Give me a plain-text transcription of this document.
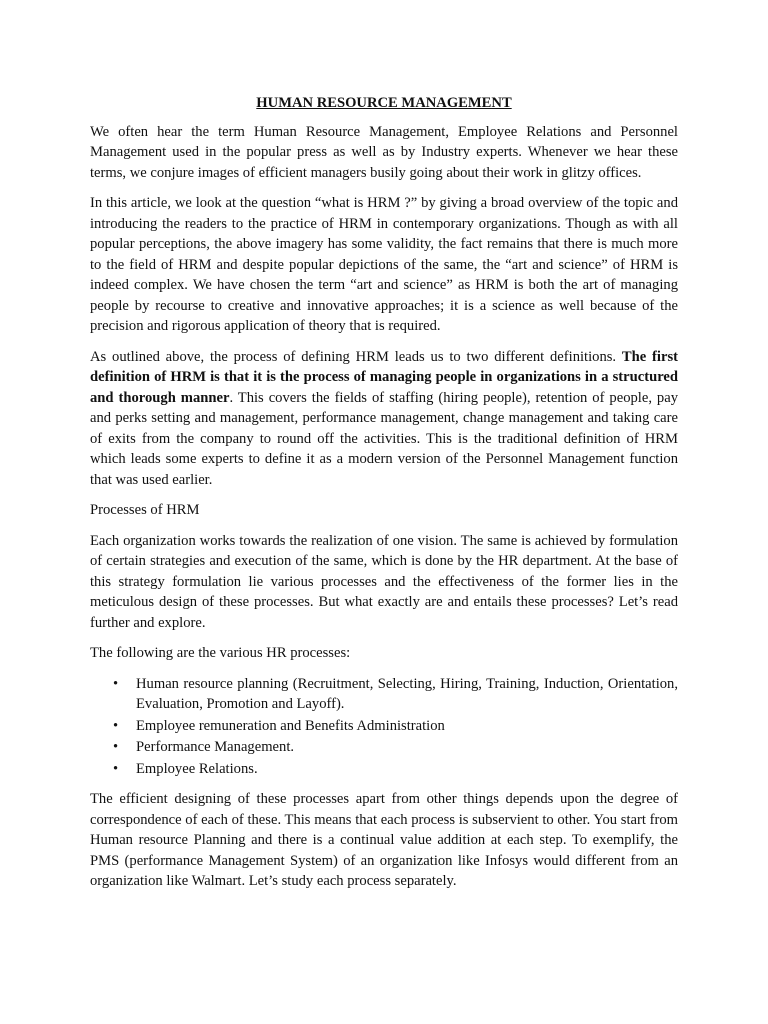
HUMAN RESOURCE MANAGEMENT

We often hear the term Human Resource Management, Employee Relations and Personnel Management used in the popular press as well as by Industry experts. Whenever we hear these terms, we conjure images of efficient managers busily going about their work in glitzy offices.

In this article, we look at the question “what is HRM ?” by giving a broad overview of the topic and introducing the readers to the practice of HRM in contemporary organizations. Though as with all popular perceptions, the above imagery has some validity, the fact remains that there is much more to the field of HRM and despite popular depictions of the same, the “art and science” of HRM is indeed complex. We have chosen the term “art and science” as HRM is both the art of managing people by recourse to creative and innovative approaches; it is a science as well because of the precision and rigorous application of theory that is required.

As outlined above, the process of defining HRM leads us to two different definitions. The first definition of HRM is that it is the process of managing people in organizations in a structured and thorough manner. This covers the fields of staffing (hiring people), retention of people, pay and perks setting and management, performance management, change management and taking care of exits from the company to round off the activities. This is the traditional definition of HRM which leads some experts to define it as a modern version of the Personnel Management function that was used earlier.

Processes of HRM

Each organization works towards the realization of one vision. The same is achieved by formulation of certain strategies and execution of the same, which is done by the HR department. At the base of this strategy formulation lie various processes and the effectiveness of the former lies in the meticulous design of these processes. But what exactly are and entails these processes? Let’s read further and explore.

The following are the various HR processes:
• Human resource planning (Recruitment, Selecting, Hiring, Training, Induction, Orientation, Evaluation, Promotion and Layoff).
• Employee remuneration and Benefits Administration
• Performance Management.
• Employee Relations.

The efficient designing of these processes apart from other things depends upon the degree of correspondence of each of these. This means that each process is subservient to other. You start from Human resource Planning and there is a continual value addition at each step. To exemplify, the PMS (performance Management System) of an organization like Infosys would different from an organization like Walmart. Let’s study each process separately.
